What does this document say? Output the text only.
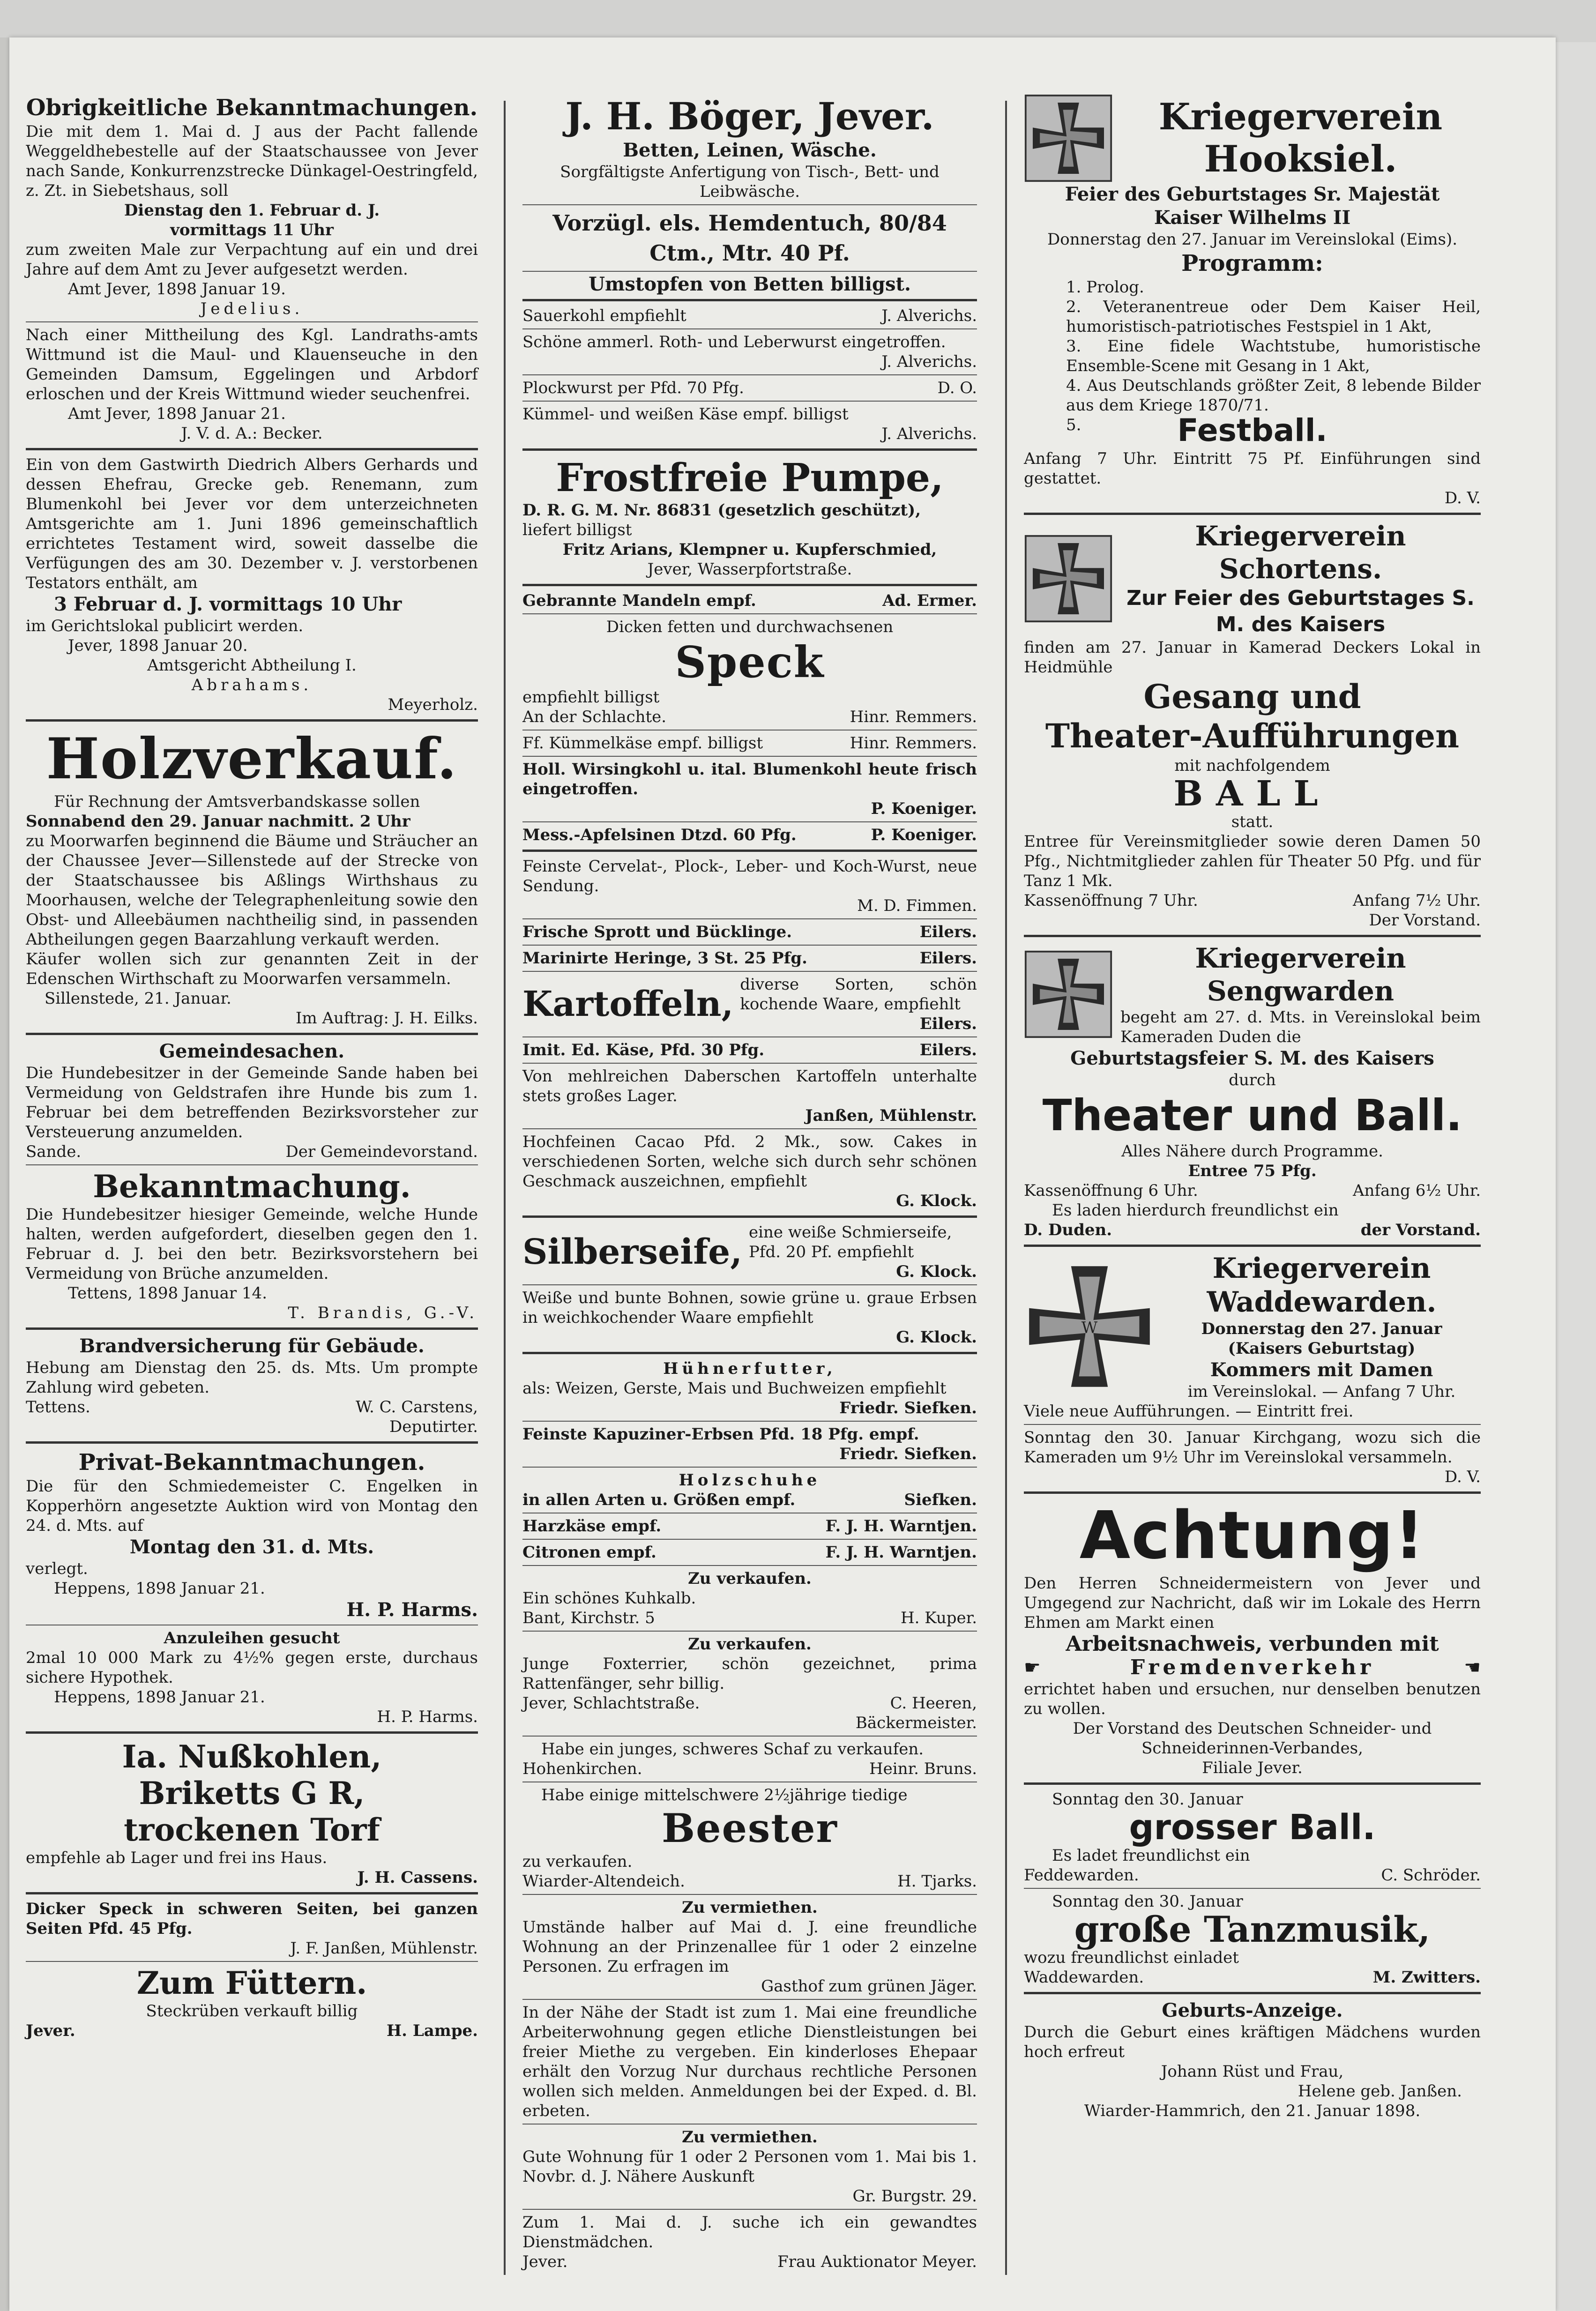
Obrigkeitliche Bekanntmachungen.

Die mit dem 1. Mai d. J aus der Pacht fallende Weggeldhebestelle auf der Staatschaussee von Jever nach Sande, Konkurrenzstrecke Dünkagel-Oestringfeld, z. Zt. in Siebetshaus, soll

Dienstag den 1. Februar d. J.

vormittags 11 Uhr

zum zweiten Male zur Verpachtung auf ein und drei Jahre auf dem Amt zu Jever aufgesetzt werden.

Amt Jever, 1898 Januar 19.

Jedelius.

Nach einer Mittheilung des Kgl. Landraths-amts Wittmund ist die Maul- und Klauenseuche in den Gemeinden Damsum, Eggelingen und Arbdorf erloschen und der Kreis Wittmund wieder seuchenfrei.

Amt Jever, 1898 Januar 21.

J. V. d. A.: Becker.

Ein von dem Gastwirth Diedrich Albers Gerhards und dessen Ehefrau, Grecke geb. Renemann, zum Blumenkohl bei Jever vor dem unterzeichneten Amtsgerichte am 1. Juni 1896 gemeinschaftlich errichtetes Testament wird, soweit dasselbe die Verfügungen des am 30. Dezember v. J. verstorbenen Testators enthält, am

3 Februar d. J. vormittags 10 Uhr

im Gerichtslokal publicirt werden.

Jever, 1898 Januar 20.

Amtsgericht Abtheilung I.

Abrahams.

Meyerholz.

Holzverkauf.

Für Rechnung der Amtsverbandskasse sollen

Sonnabend den 29. Januar nachmitt. 2 Uhr

zu Moorwarfen beginnend die Bäume und Sträucher an der Chaussee Jever—Sillenstede auf der Strecke von der Staatschaussee bis Aßlings Wirthshaus zu Moorhausen, welche der Telegraphenleitung sowie den Obst- und Alleebäumen nachtheilig sind, in passenden Abtheilungen gegen Baarzahlung verkauft werden.

Käufer wollen sich zur genannten Zeit in der Edenschen Wirthschaft zu Moorwarfen versammeln.

Sillenstede, 21. Januar.

Im Auftrag: J. H. Eilks.

Gemeindesachen.

Die Hundebesitzer in der Gemeinde Sande haben bei Vermeidung von Geldstrafen ihre Hunde bis zum 1. Februar bei dem betreffenden Bezirksvorsteher zur Versteuerung anzumelden.

Sande.	Der Gemeindevorstand.

Bekanntmachung.

Die Hundebesitzer hiesiger Gemeinde, welche Hunde halten, werden aufgefordert, dieselben gegen den 1. Februar d. J. bei den betr. Bezirksvorstehern bei Vermeidung von Brüche anzumelden.

Tettens, 1898 Januar 14.

T. Brandis, G.-V.

Brandversicherung für Gebäude.

Hebung am Dienstag den 25. ds. Mts. Um prompte Zahlung wird gebeten.

Tettens.	W. C. Carstens,

Deputirter.

Privat-Bekanntmachungen.

Die für den Schmiedemeister C. Engelken in Kopperhörn angesetzte Auktion wird von Montag den 24. d. Mts. auf

Montag den 31. d. Mts.

verlegt.

Heppens, 1898 Januar 21.

H. P. Harms.

Anzuleihen gesucht

2mal 10 000 Mark zu 4½% gegen erste, durchaus sichere Hypothek.

Heppens, 1898 Januar 21.

H. P. Harms.

Ia. Nußkohlen,

Briketts G R,

trockenen Torf

empfehle ab Lager und frei ins Haus.

J. H. Cassens.

Dicker Speck in schweren Seiten, bei ganzen Seiten Pfd. 45 Pfg.

J. F. Janßen, Mühlenstr.

Zum Füttern.

Steckrüben verkauft billig

Jever.	H. Lampe.

J. H. Böger, Jever.

Betten, Leinen, Wäsche.

Sorgfältigste Anfertigung von Tisch-, Bett- und Leibwäsche.

Vorzügl. els. Hemdentuch, 80/84 Ctm., Mtr. 40 Pf.

Umstopfen von Betten billigst.

Sauerkohl empfiehlt	J. Alverichs.

Schöne ammerl. Roth- und Leberwurst eingetroffen.

J. Alverichs.

Plockwurst per Pfd. 70 Pfg.	D. O.

Kümmel- und weißen Käse empf. billigst

J. Alverichs.

Frostfreie Pumpe,

D. R. G. M. Nr. 86831 (gesetzlich geschützt),

liefert billigst

Fritz Arians, Klempner u. Kupferschmied,

Jever, Wasserpfortstraße.

Gebrannte Mandeln empf.	Ad. Ermer.

Dicken fetten und durchwachsenen

Speck

empfiehlt billigst

An der Schlachte.	Hinr. Remmers.
Ff. Kümmelkäse empf. billigst	Hinr. Remmers.

Holl. Wirsingkohl u. ital. Blumenkohl heute frisch eingetroffen.

P. Koeniger.

Mess.-Apfelsinen Dtzd. 60 Pfg.	P. Koeniger.

Feinste Cervelat-, Plock-, Leber- und Koch-Wurst, neue Sendung.

M. D. Fimmen.

Frische Sprott und Bücklinge.	Eilers.
Marinirte Heringe, 3 St. 25 Pfg.	Eilers.
Kartoffeln, diverse Sorten, schön kochende Waare, empfiehlt

Eilers.

Imit. Ed. Käse, Pfd. 30 Pfg.	Eilers.

Von mehlreichen Daberschen Kartoffeln unterhalte stets großes Lager.

Janßen, Mühlenstr.

Hochfeinen Cacao Pfd. 2 Mk., sow. Cakes in verschiedenen Sorten, welche sich durch sehr schönen Geschmack auszeichnen, empfiehlt

G. Klock.

Silberseife, eine weiße Schmierseife, Pfd. 20 Pf. empfiehlt

G. Klock.

Weiße und bunte Bohnen, sowie grüne u. graue Erbsen in weichkochender Waare empfiehlt

G. Klock.

Hühnerfutter,

als: Weizen, Gerste, Mais und Buchweizen empfiehlt

Friedr. Siefken.

Feinste Kapuziner-Erbsen Pfd. 18 Pfg. empf.

Friedr. Siefken.

Holzschuhe

in allen Arten u. Größen empf.	Siefken.
Harzkäse empf.	F. J. H. Warntjen.
Citronen empf.	F. J. H. Warntjen.

Zu verkaufen.

Ein schönes Kuhkalb.

Bant, Kirchstr. 5	H. Kuper.

Zu verkaufen.

Junge Foxterrier, schön gezeichnet, prima Rattenfänger, sehr billig.

Jever, Schlachtstraße.	C. Heeren,

Bäckermeister.

Habe ein junges, schweres Schaf zu verkaufen.

Hohenkirchen.	Heinr. Bruns.

Habe einige mittelschwere 2½jährige tiedige

Beester

zu verkaufen.

Wiarder-Altendeich.	H. Tjarks.

Zu vermiethen.

Umstände halber auf Mai d. J. eine freundliche Wohnung an der Prinzenallee für 1 oder 2 einzelne Personen. Zu erfragen im

Gasthof zum grünen Jäger.

In der Nähe der Stadt ist zum 1. Mai eine freundliche Arbeiterwohnung gegen etliche Dienstleistungen bei freier Miethe zu vergeben. Ein kinderloses Ehepaar erhält den Vorzug Nur durchaus rechtliche Personen wollen sich melden. Anmeldungen bei der Exped. d. Bl. erbeten.

Zu vermiethen.

Gute Wohnung für 1 oder 2 Personen vom 1. Mai bis 1. Novbr. d. J. Nähere Auskunft

Gr. Burgstr. 29.

Zum 1. Mai d. J. suche ich ein gewandtes Dienstmädchen.

Jever.	Frau Auktionator Meyer.

Kriegerverein

Hooksiel.

Feier des Geburtstages Sr. Majestät

Kaiser Wilhelms II

Donnerstag den 27. Januar im Vereinslokal (Eims).

Programm:

1. Prolog.

2. Veteranentreue oder Dem Kaiser Heil, humoristisch-patriotisches Festspiel in 1 Akt,

3. Eine fidele Wachtstube, humoristische Ensemble-Scene mit Gesang in 1 Akt,

4. Aus Deutschlands größter Zeit, 8 lebende Bilder aus dem Kriege 1870/71.

5.	Festball.

Anfang 7 Uhr. Eintritt 75 Pf. Einführungen sind gestattet.

D. V.

Kriegerverein Schortens.

Zur Feier des Geburtstages S. M. des Kaisers

finden am 27. Januar in Kamerad Deckers Lokal in Heidmühle

Gesang und

Theater-Aufführungen

mit nachfolgendem

BALL

statt.

Entree für Vereinsmitglieder sowie deren Damen 50 Pfg., Nichtmitglieder zahlen für Theater 50 Pfg. und für Tanz 1 Mk.

Kassenöffnung 7 Uhr.	Anfang 7½ Uhr.

Der Vorstand.

Kriegerverein Sengwarden

begeht am 27. d. Mts. in Vereinslokal beim Kameraden Duden die

Geburtstagsfeier S. M. des Kaisers

durch

Theater und Ball.

Alles Nähere durch Programme.

Entree 75 Pfg.

Kassenöffnung 6 Uhr.	Anfang 6½ Uhr.

Es laden hierdurch freundlichst ein

D. Duden.	der Vorstand.
W

Kriegerverein Waddewarden.

Donnerstag den 27. Januar

(Kaisers Geburtstag)

Kommers mit Damen

im Vereinslokal. — Anfang 7 Uhr.

Viele neue Aufführungen. — Eintritt frei.

Sonntag den 30. Januar Kirchgang, wozu sich die Kameraden um 9½ Uhr im Vereinslokal versammeln.

D. V.

Achtung!

Den Herren Schneidermeistern von Jever und Umgegend zur Nachricht, daß wir im Lokale des Herrn Ehmen am Markt einen

Arbeitsnachweis, verbunden mit

☛	Fremdenverkehr	☚

errichtet haben und ersuchen, nur denselben benutzen zu wollen.

Der Vorstand des Deutschen Schneider- und Schneiderinnen-Verbandes,

Filiale Jever.

Sonntag den 30. Januar

grosser Ball.

Es ladet freundlichst ein

Feddewarden.	C. Schröder.

Sonntag den 30. Januar

große Tanzmusik,

wozu freundlichst einladet

Waddewarden.	M. Zwitters.

Geburts-Anzeige.

Durch die Geburt eines kräftigen Mädchens wurden hoch erfreut

Johann Rüst und Frau,

Helene geb. Janßen.

Wiarder-Hammrich, den 21. Januar 1898.
